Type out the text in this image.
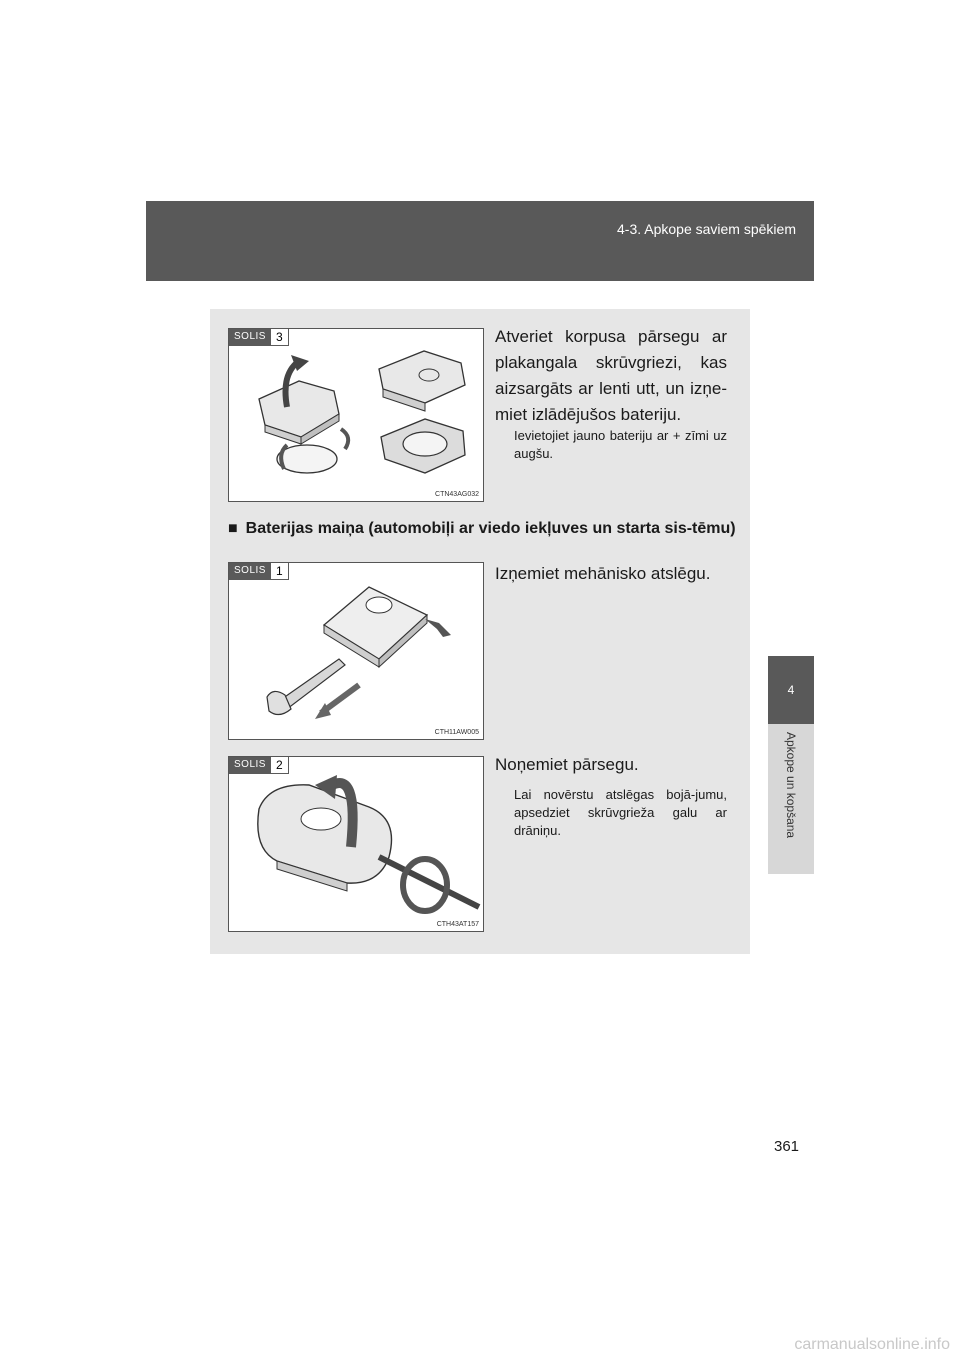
4-3. Apkope saviem spēkiem
4
Apkope un kopšana
SOLIS 3
CTN43AG032
Atveriet korpusa pārsegu ar plakangala skrūvgriezi, kas aizsargāts ar lenti utt, un izņe-miet izlādējušos bateriju.
Ievietojiet jauno bateriju ar + zīmi uz augšu.
■ Baterijas maiņa (automobiļi ar viedo iekļuves un starta sis-tēmu)
SOLIS 1
CTH11AW005
Izņemiet mehānisko atslēgu.
SOLIS 2
CTH43AT157
Noņemiet pārsegu.
Lai novērstu atslēgas bojā-jumu, apsedziet skrūvgrieža galu ar drāniņu.
361
carmanualsonline.info
